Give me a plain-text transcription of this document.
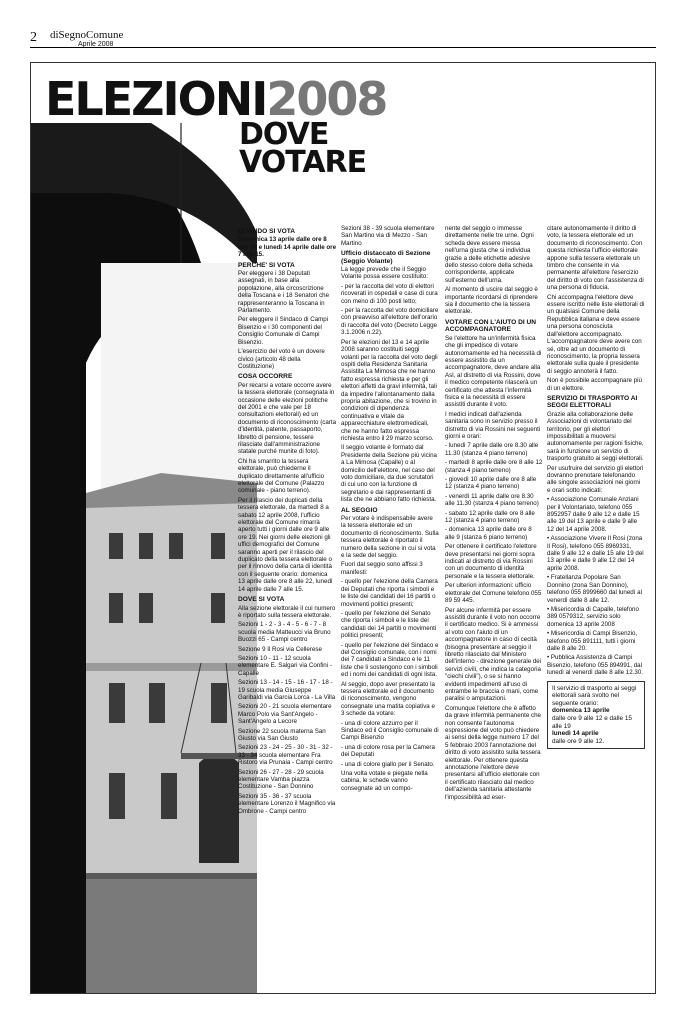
2 diSegnoComune
Aprile 2008
ELEZIONI2008
DOVE
VOTARE
QUANDO SI VOTA

Domenica 13 aprile dalle ore 8 alle 22 e lunedì 14 aprile dalle ore 7 alle 15.

PERCHE' SI VOTA

Per eleggere i 38 Deputati assegnati, in base alla popolazione, alla circoscrizione della Toscana e i 18 Senatori che rappresenteranno la Toscana in Parlamento.

Per eleggere il Sindaco di Campi Bisenzio e i 30 componenti del Consiglio Comunale di Campi Bisenzio.

L'esercizio del voto è un dovere civico (articolo 48 della Costituzione)

COSA OCCORRE

Per recarsi a votare occorre avere la tessera elettorale (consegnata in occasione delle elezioni politiche del 2001 e che vale per 18 consultazioni elettorali) ed un documento di riconoscimento (carta d'identità, patente, passaporto, libretto di pensione, tessere rilasciate dall'amministrazione statale purché munite di foto).

Chi ha smarrito la tessera elettorale, può chiederne il duplicato direttamente all'ufficio elettorale del Comune (Palazzo comunale - piano terreno).

Per il rilascio dei duplicati della tessera elettorale, da martedì 8 a sabato 12 aprile 2008, l'ufficio elettorale del Comune rimarrà aperto tutti i giorni dalle ore 9 alle ore 19. Nei giorni delle elezioni gli uffici demografici del Comune saranno aperti per il rilascio del duplicato della tessera elettorale o per il rinnovo della carta di identità con il seguente orario: domenica 13 aprile dalle ore 8 alle 22, lunedì 14 aprile dalle 7 alle 15.

DOVE SI VOTA

Alla sezione elettorale il cui numero è riportato sulla tessera elettorale.

Sezioni 1 - 2 - 3 - 4 - 5 - 6 - 7 - 8 scuola media Matteucci via Bruno Buozzi 65 - Campi centro

Sezione 9 Il Rosi via Cellerese

Sezioni 10 - 11 - 12 scuola elementare E. Salgari via Confini - Capalle

Sezioni 13 - 14 - 15 - 16 - 17 - 18 - 19 scuola media Giuseppe Garibaldi via Garcia Lorca - La Villa

Sezioni 20 - 21 scuola elementare Marco Polo via Sant'Angelo - Sant'Angelo a Lecore

Sezione 22 scuola materna San Giusto via San Giusto

Sezioni 23 - 24 - 25 - 30 - 31 - 32 - 33 - 34 scuola elementare Fra Ristoro via Prunaia - Campi centro

Sezioni 26 - 27 - 28 - 29 scuola elementare Vamba piazza Costituzione - San Donnino

Sezioni 35 - 36 - 37 scuola elementare Lorenzo il Magnifico via Ombrone - Campi centro

Sezioni 38 - 39 scuola elementare San Martino via di Mezzo - San Martino

Ufficio distaccato di Sezione (Seggio Volante)

La legge prevede che il Seggio Volante possa essere costituito:

- per la raccolta del voto di elettori ricoverati in ospedali e case di cura con meno di 100 posti letto;

- per la raccolta del voto domiciliare con preavviso all'elettore dell'orario di raccolta del voto (Decreto Legge 3.1.2006 n.22).

Per le elezioni del 13 e 14 aprile 2008 saranno costituiti seggi volanti per la raccolta del voto degli ospiti della Residenza Sanitaria Assistita La Mimosa che ne hanno fatto espressa richiesta e per gli elettori affetti da gravi infermità, tali da impedire l'allontanamento dalla propria abitazione, che si trovino in condizioni di dipendenza continuativa e vitale da apparecchiature elettromedicali, che ne hanno fatto espressa richiesta entro il 29 marzo scorso.

Il seggio volante è formato dal Presidente della Sezione più vicina a La Mimosa (Capalle) o al domicilio dell'elettore, nel caso del voto domiciliare, da due scrutatori di cui uno con la funzione di segretario e dai rappresentanti di lista che ne abbiano fatto richiesta.

AL SEGGIO

Per votare è indispensabile avere la tessera elettorale ed un documento di riconoscimento. Sulla tessera elettorale è riportato il numero della sezione in cui si vota e la sede del seggio.

Fuori dal seggio sono affissi 3 manifesti:

- quello per l'elezione della Camera dei Deputati che riporta i simboli e le liste dei candidati dei 16 partiti o movimenti politici presenti;

- quello per l'elezione del Senato che riporta i simboli e le liste dei candidati dei 14 partiti o movimenti politici presenti;

- quello per l'elezione del Sindaco e del Consiglio comunale, con i nomi dei 7 candidati a Sindaco e le 11 liste che li sostengono con i simboli ed i nomi dei candidati di ogni lista.

Al seggio, dopo aver presentato la tessera elettorale ed il documento di riconoscimento, vengono consegnate una matita copiativa e 3 schede da votare:

- una di colore azzurro per il Sindaco ed il Consiglio comunale di Campi Bisenzio

- una di colore rosa per la Camera dei Deputati

- una di colore giallo per il Senato.

Una volta votate e piegate nella cabina, le schede vanno consegnate ad un compo-

nente del seggio o immesse direttamente nelle tre urne. Ogni scheda deve essere messa nell'urna giusta che si individua grazie a delle etichette adesive dello stesso colore della scheda corrispondente, applicate sull'esterno dell'urna.

Al momento di uscire dal seggio è importante ricordarsi di riprendere sia il documento che la tessera elettorale.

VOTARE CON L'AIUTO DI UN ACCOMPAGNATORE

Se l'elettore ha un'infermità fisica che gli impedisce di votare autonomamente ed ha necessità di essere assistito da un accompagnatore, deve andare alla Asl, al distretto di via Rossini, dove il medico competente rilascerà un certificato che attesta l'infermità fisica e la necessità di essere assistiti durante il voto.

I medici indicati dall'azienda sanitaria sono in servizio presso il distretto di via Rossini nei seguenti giorni e orari:

- lunedì 7 aprile dalle ore 8.30 alle 11.30 (stanza 4 piano terreno)

- martedì 8 aprile dalle ore 8 alle 12 (stanza 4 piano terreno)

- giovedì 10 aprile dalle ore 8 alle 12 (stanza 4 piano terreno)

- venerdì 11 aprile dalle ore 8.30 alle 11.30 (stanza 4 piano terreno)

- sabato 12 aprile dalle ore 8 alle 12 (stanza 4 piano terreno)

- domenica 13 aprile dalle ore 8 alle 9 (stanza 6 piano terreno)

Per ottenere il certificato l'elettore deve presentarsi nei giorni sopra indicati al distretto di via Rossini con un documento di identità personale e la tessera elettorale.

Per ulteriori informazioni: ufficio elettorale del Comune telefono 055 89 59 445.

Per alcune infermità per essere assistiti durante il voto non occorre il certificato medico. Si è ammessi al voto con l'aiuto di un accompagnatore in caso di cecità (bisogna presentare al seggio il libretto rilasciato dal Ministero dell'interno - direzione generale dei servizi civili, che indica la categoria "ciechi civili"), o se si hanno evidenti impedimenti all'uso di entrambe le braccia o mani, come paralisi o amputazioni.

Comunque l'elettore che è affetto da grave infermità permanente che non consente l'autonoma espressione del voto può chiedere ai sensi della legge numero 17 del 5 febbraio 2003 l'annotazione del diritto di voto assistito sulla tessera elettorale. Per ottenere questa annotazione l'elettore deve presentarsi all'ufficio elettorale con il certificato rilasciato dal medico dell'azienda sanitaria attestante l'impossibilità ad eser-

citare autonomamente il diritto di voto, la tessera elettorale ed un documento di riconoscimento. Con questa richiesta l'ufficio elettorale appone sulla tessera elettorale un timbro che consente in via permanente all'elettore l'esercizio del diritto di voto con l'assistenza di una persona di fiducia.

Chi accompagna l'elettore deve essere iscritto nelle liste elettorali di un qualsiasi Comune della Repubblica italiana e deve essere una persona conosciuta dall'elettore accompagnato. L'accompagnatore deve avere con sé, oltre ad un documento di riconoscimento, la propria tessera elettorale sulla quale il presidente di seggio annoterà il fatto.

Non è possibile accompagnare più di un elettore.

SERVIZIO DI TRASPORTO AI SEGGI ELETTORALI

Grazie alla collaborazione delle Associazioni di volontariato del territorio, per gli elettori impossibilitati a muoversi autonomamente per ragioni fisiche, sarà in funzione un servizio di trasporto gratuito ai seggi elettorali.

Per usufruire del servizio gli elettori dovranno prenotare telefonando alle singole associazioni nei giorni e orari sotto indicati:

• Associazione Comunale Anziani per il Volontariato, telefono 055 8952957 dalle 9 alle 12 e dalle 15 alle 19 del 13 aprile e dalle 9 alle 12 del 14 aprile 2008.

• Associazione Vivere Il Rosi (zona Il Rosi), telefono 055 8969331, dalle 9 alle 12 e dalle 15 alle 19 del 13 aprile e dalle 9 alle 12 del 14 aprile 2008.

• Fratellanza Popolare San Donnino (zona San Donnino), telefono 055 8999660 dal lunedì al venerdì dalle 8 alle 12.

• Misericordia di Capalle, telefono 389 0579312, servizio solo domenica 13 aprile 2008

• Misericordia di Campi Bisenzio, telefono 055 891111, tutti i giorni dalle 8 alle 20.

• Pubblica Assistenza di Campi Bisenzio, telefono 055 894991, dal lunedì al venerdì dalle 8 alle 12.30.

Il servizio di trasporto ai seggi elettorali sarà svolto nel seguente orario:
domenica 13 aprile
dalle ore 9 alle 12 e dalle 15 alle 19
lunedì 14 aprile
dalle ore 9 alle 12.
